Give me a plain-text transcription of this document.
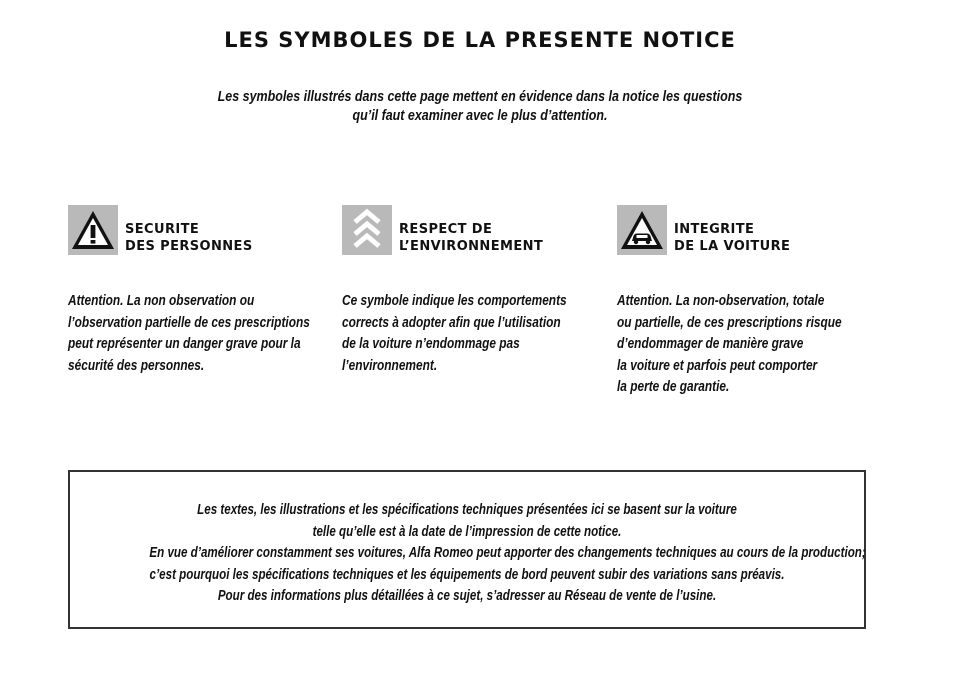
LES SYMBOLES DE LA PRESENTE NOTICE
Les symboles illustrés dans cette page mettent en évidence dans la notice les questions
qu’il faut examiner avec le plus d’attention.
SECURITE
DES PERSONNES
Attention. La non observation ou
l’observation partielle de ces prescriptions
peut représenter un danger grave pour la
sécurité des personnes.
RESPECT DE
L’ENVIRONNEMENT
Ce symbole indique les comportements
corrects à adopter afin que l’utilisation
de la voiture n’endommage pas
l’environnement.
INTEGRITE
DE LA VOITURE
Attention. La non-observation, totale
ou partielle, de ces prescriptions risque
d’endommager de manière grave
la voiture et parfois peut comporter
la perte de garantie.
Les textes, les illustrations et les spécifications techniques présentées ici se basent sur la voiture
telle qu’elle est à la date de l’impression de cette notice.
En vue d’améliorer constamment ses voitures, Alfa Romeo peut apporter des changements techniques au cours de la production;
c’est pourquoi les spécifications techniques et les équipements de bord peuvent subir des variations sans préavis.
Pour des informations plus détaillées à ce sujet, s’adresser au Réseau de vente de l’usine.
